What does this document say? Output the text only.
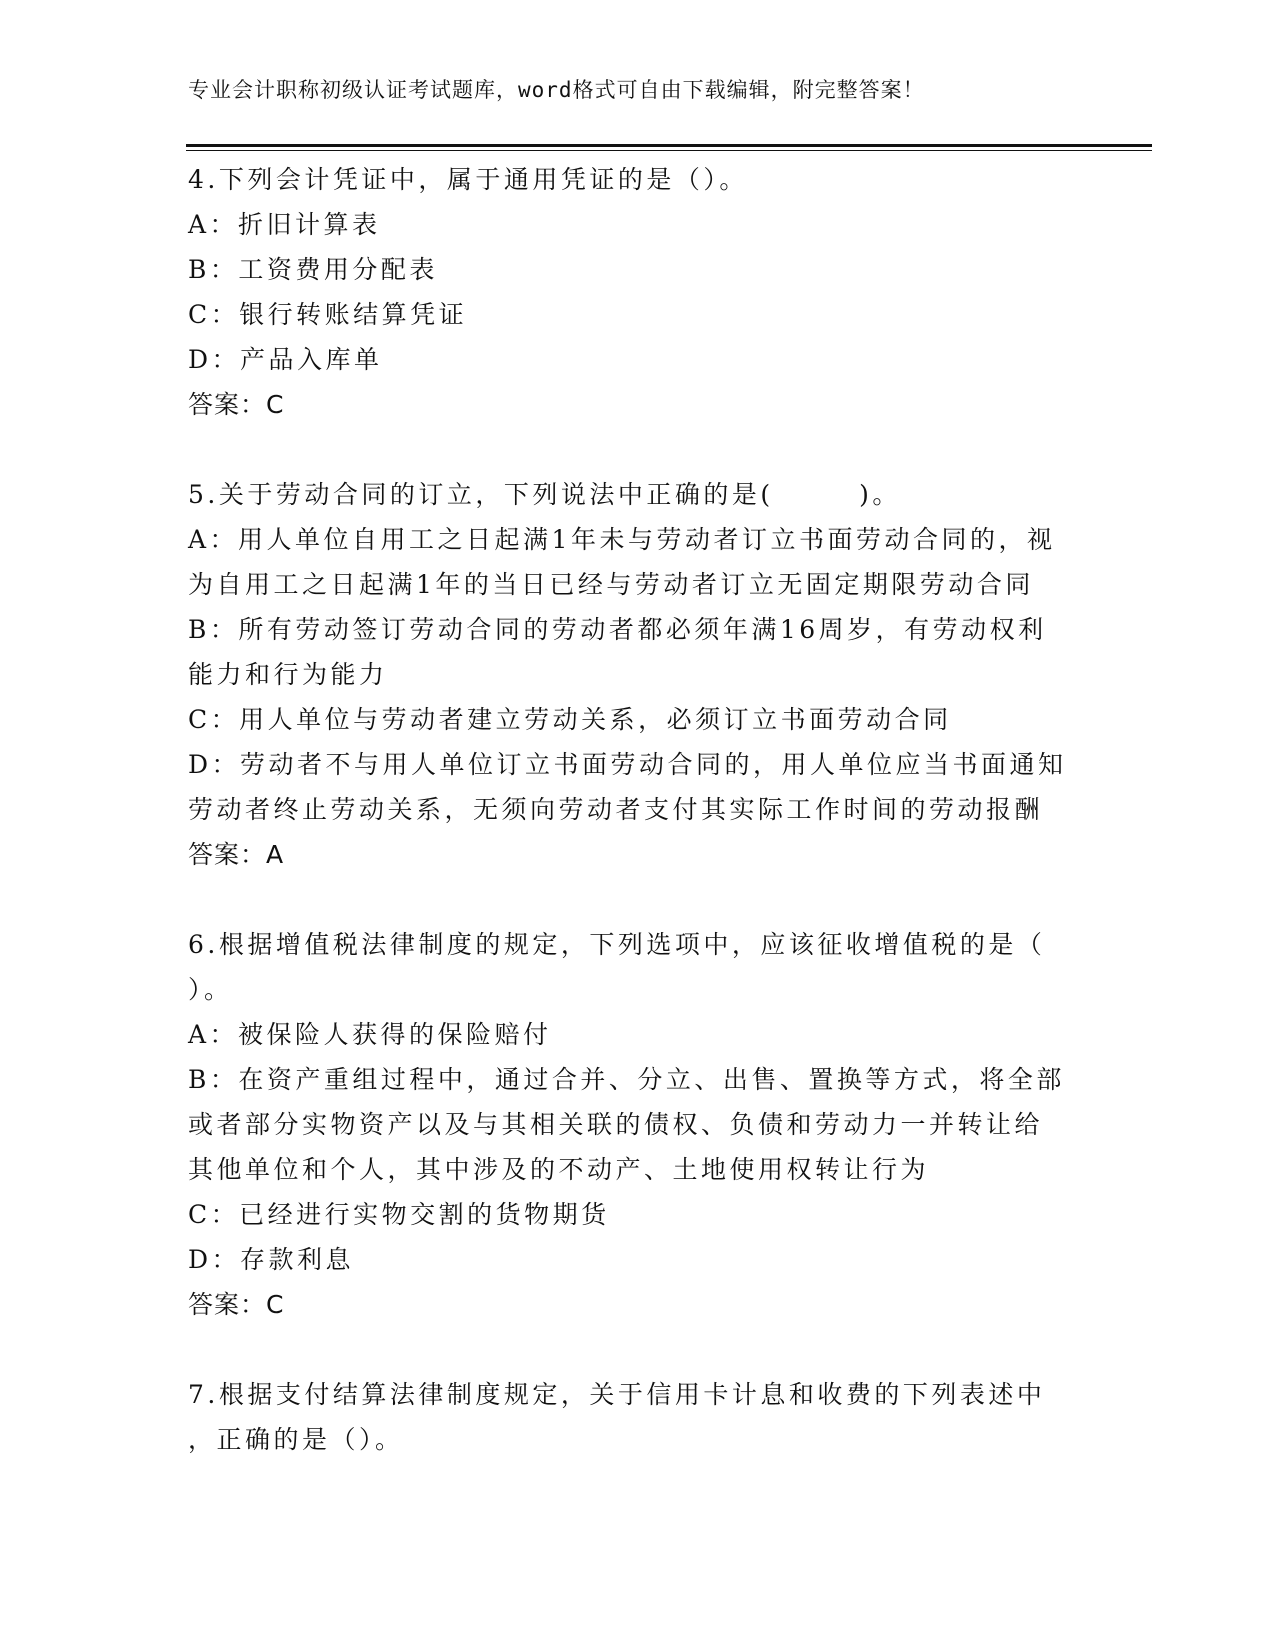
专业会计职称初级认证考试题库，word格式可自由下载编辑，附完整答案！
4.下列会计凭证中，属于通用凭证的是（）。
A：折旧计算表
B：工资费用分配表
C：银行转账结算凭证
D：产品入库单
答案：C
5.关于劳动合同的订立，下列说法中正确的是(　　　)。
A：用人单位自用工之日起满1年未与劳动者订立书面劳动合同的，视
为自用工之日起满1年的当日已经与劳动者订立无固定期限劳动合同
B：所有劳动签订劳动合同的劳动者都必须年满16周岁，有劳动权利
能力和行为能力
C：用人单位与劳动者建立劳动关系，必须订立书面劳动合同
D：劳动者不与用人单位订立书面劳动合同的，用人单位应当书面通知
劳动者终止劳动关系，无须向劳动者支付其实际工作时间的劳动报酬
答案：A
6.根据增值税法律制度的规定，下列选项中，应该征收增值税的是（
）。
A：被保险人获得的保险赔付
B：在资产重组过程中，通过合并、分立、出售、置换等方式，将全部
或者部分实物资产以及与其相关联的债权、负债和劳动力一并转让给
其他单位和个人，其中涉及的不动产、土地使用权转让行为
C：已经进行实物交割的货物期货
D：存款利息
答案：C
7.根据支付结算法律制度规定，关于信用卡计息和收费的下列表述中
，正确的是（）。
